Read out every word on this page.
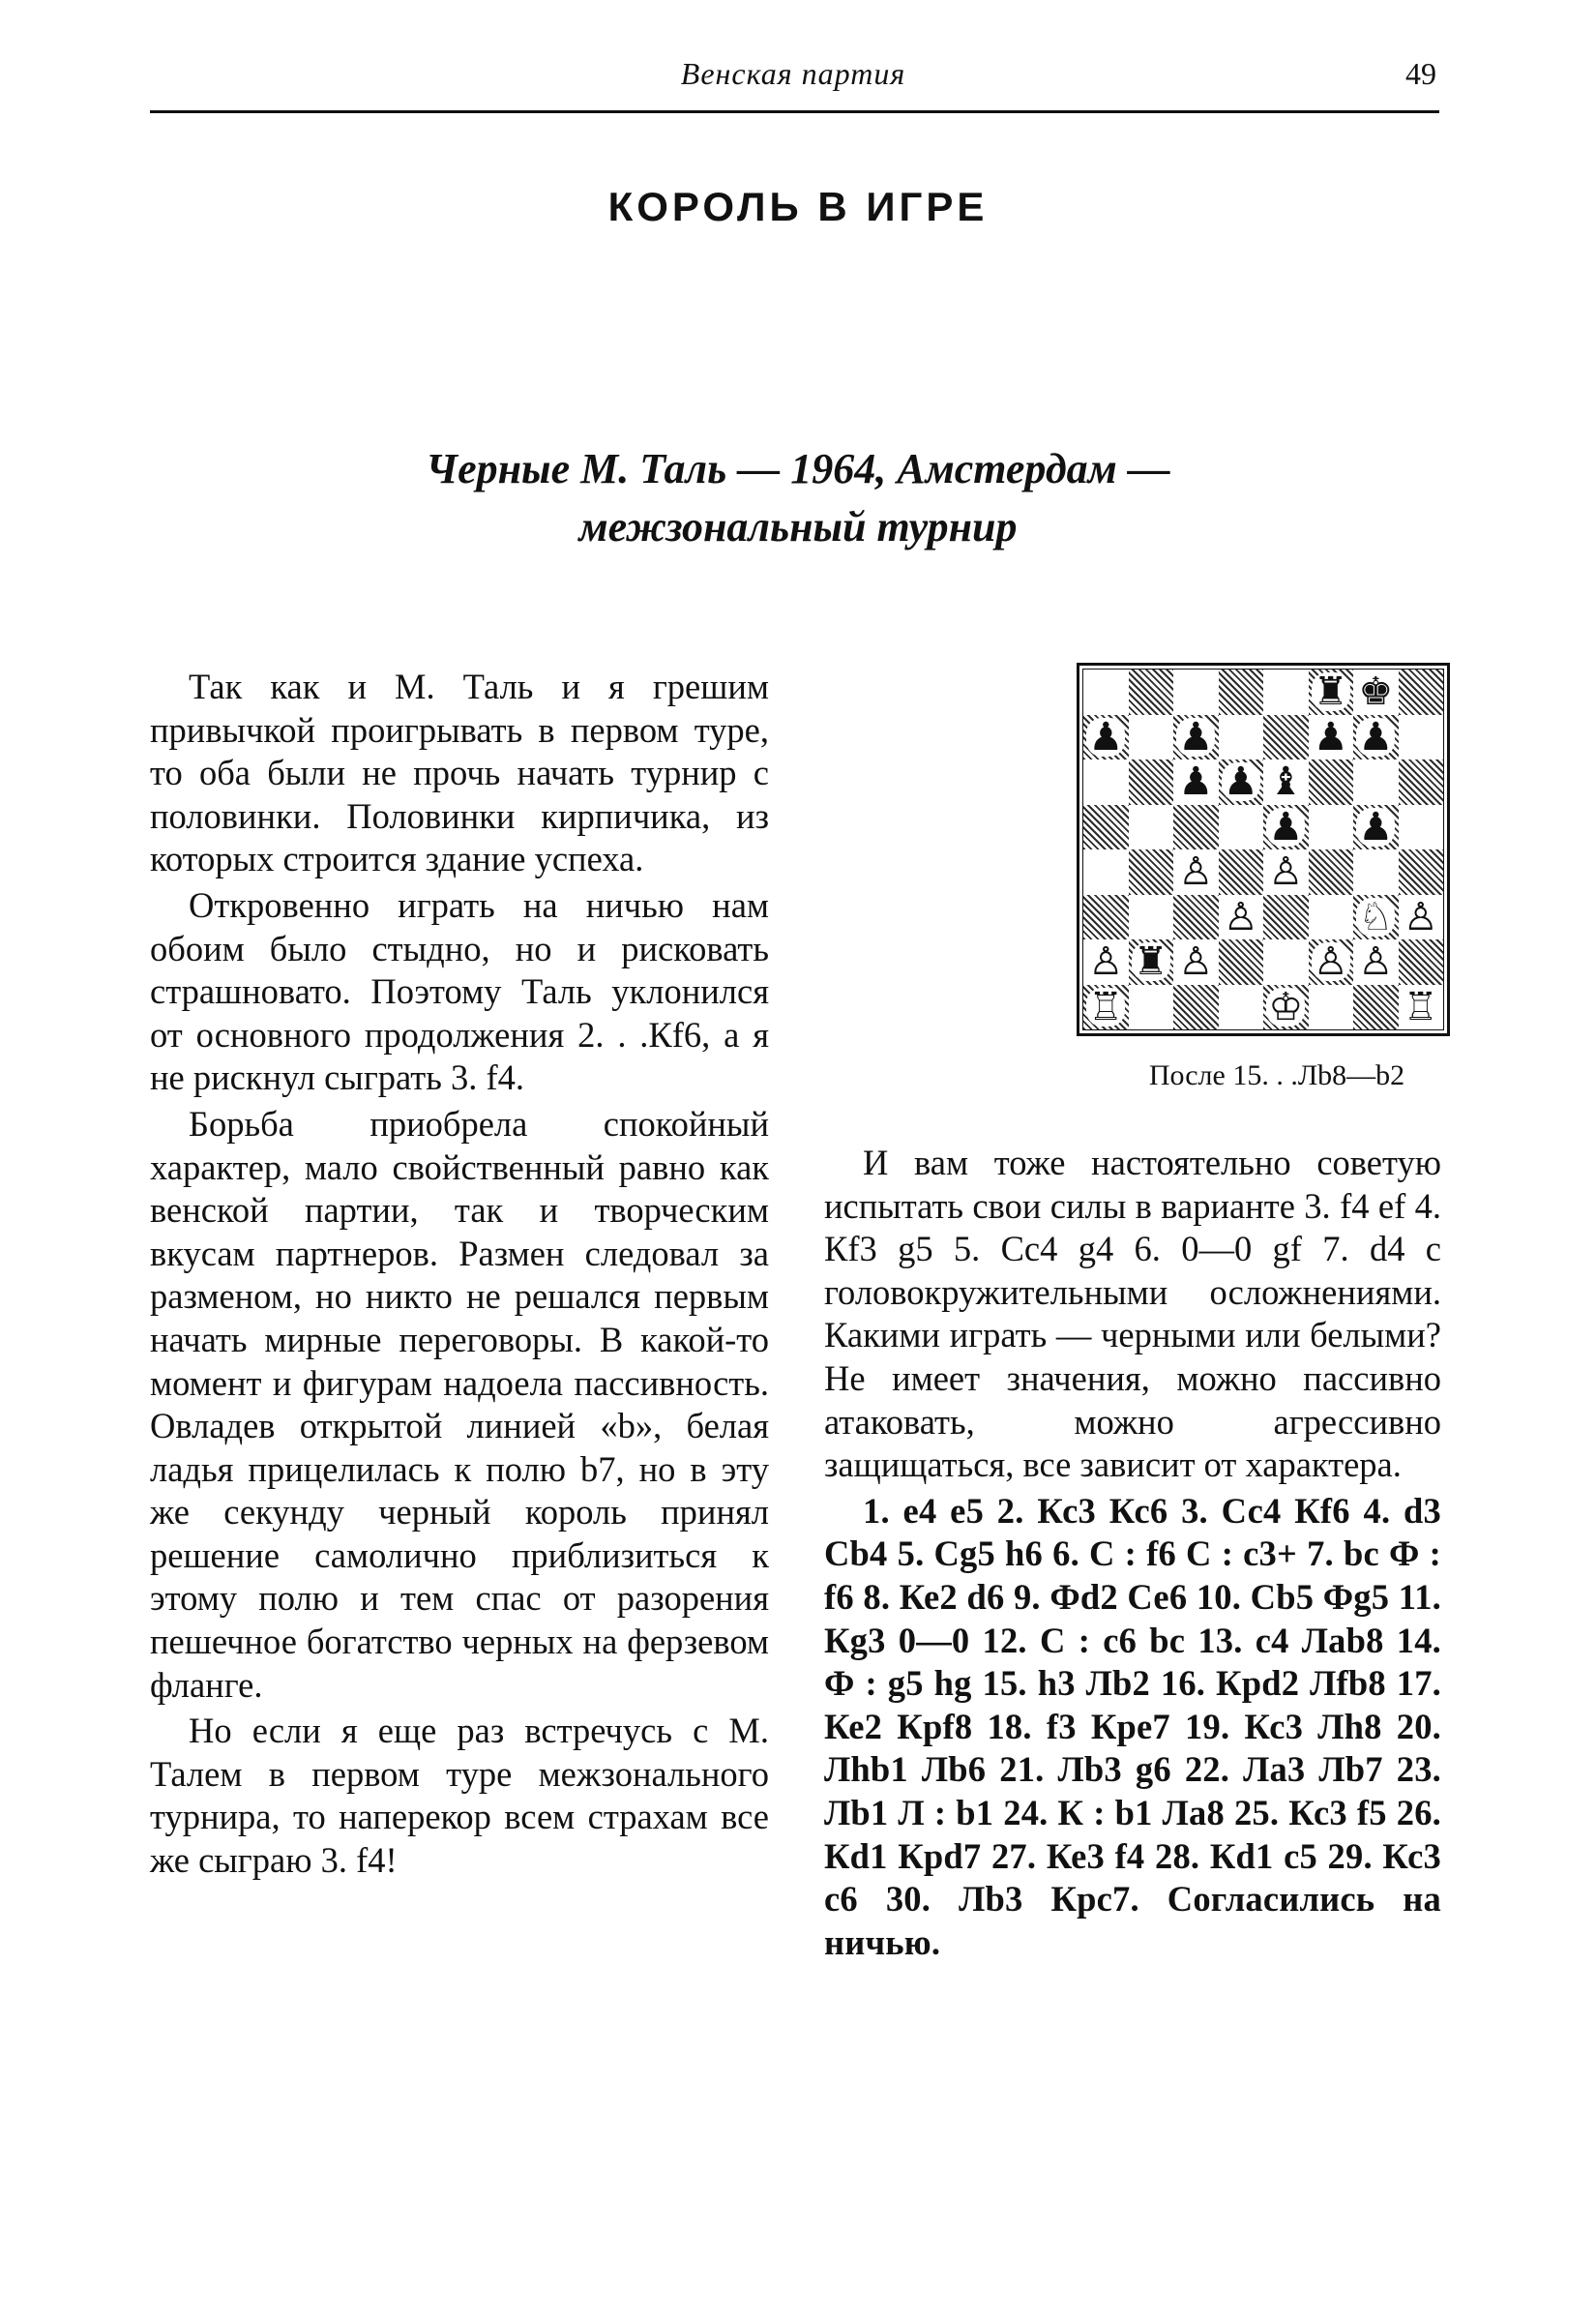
Венская партия	49
КОРОЛЬ В ИГРЕ
Черные М. Таль — 1964, Амстердам —
межзональный турнир

Так как и М. Таль и я грешим привычкой проигрывать в первом туре, то оба были не прочь начать турнир с половинки. Половинки кирпичика, из которых строится здание успеха.

Откровенно играть на ничью нам обоим было стыдно, но и рисковать страшновато. Поэтому Таль уклонился от основного продолжения 2. . .Кf6, а я не рискнул сыграть 3. f4.

Борьба приобрела спокойный характер, мало свойственный равно как венской партии, так и творческим вкусам партнеров. Размен следовал за разменом, но никто не решался первым начать мирные переговоры. В какой-то момент и фигурам надоела пассивность. Овладев открытой линией «b», белая ладья прицелилась к полю b7, но в эту же секунду черный король принял решение самолично приблизиться к этому полю и тем спас от разорения пешечное богатство черных на ферзевом фланге.

Но если я еще раз встречусь с М. Талем в первом туре межзонального турнира, то наперекор всем страхам все же сыграю 3. f4!

♜ ♚
♟ ♟	♟ ♟
♟ ♟ ♝
♟ ♟
♙ ♙
♙	♘ ♙
♙ ♜ ♙	♙ ♙
♖	♔	♖
После 15. . .Лb8—b2

И вам тоже настоятельно советую испытать свои силы в варианте 3. f4 ef 4. Кf3 g5 5. Сc4 g4 6. 0—0 gf 7. d4 с головокружительными осложнениями. Какими играть — черными или белыми? Не имеет значения, можно пассивно атаковать, можно агрессивно защищаться, все зависит от характера.

1. е4 е5 2. Кс3 Кс6 3. Сс4 Кf6 4. d3 Сb4 5. Сg5 h6 6. С : f6 С : с3+ 7. bс Ф : f6 8. Ке2 d6 9. Фd2 Се6 10. Сb5 Фg5 11. Кg3 0—0 12. С : с6 bс 13. с4 Лаb8 14. Ф : g5 hg 15. h3 Лb2 16. Кpd2 Лfb8 17. Ке2 Кpf8 18. f3 Кре7 19. Кс3 Лh8 20. Лhb1 Лb6 21. Лb3 g6 22. Ла3 Лb7 23. Лb1 Л : b1 24. К : b1 Ла8 25. Кс3 f5 26. Кd1 Кpd7 27. Ке3 f4 28. Кd1 с5 29. Кс3 с6 30. Лb3 Крс7. Согласились на ничью.
